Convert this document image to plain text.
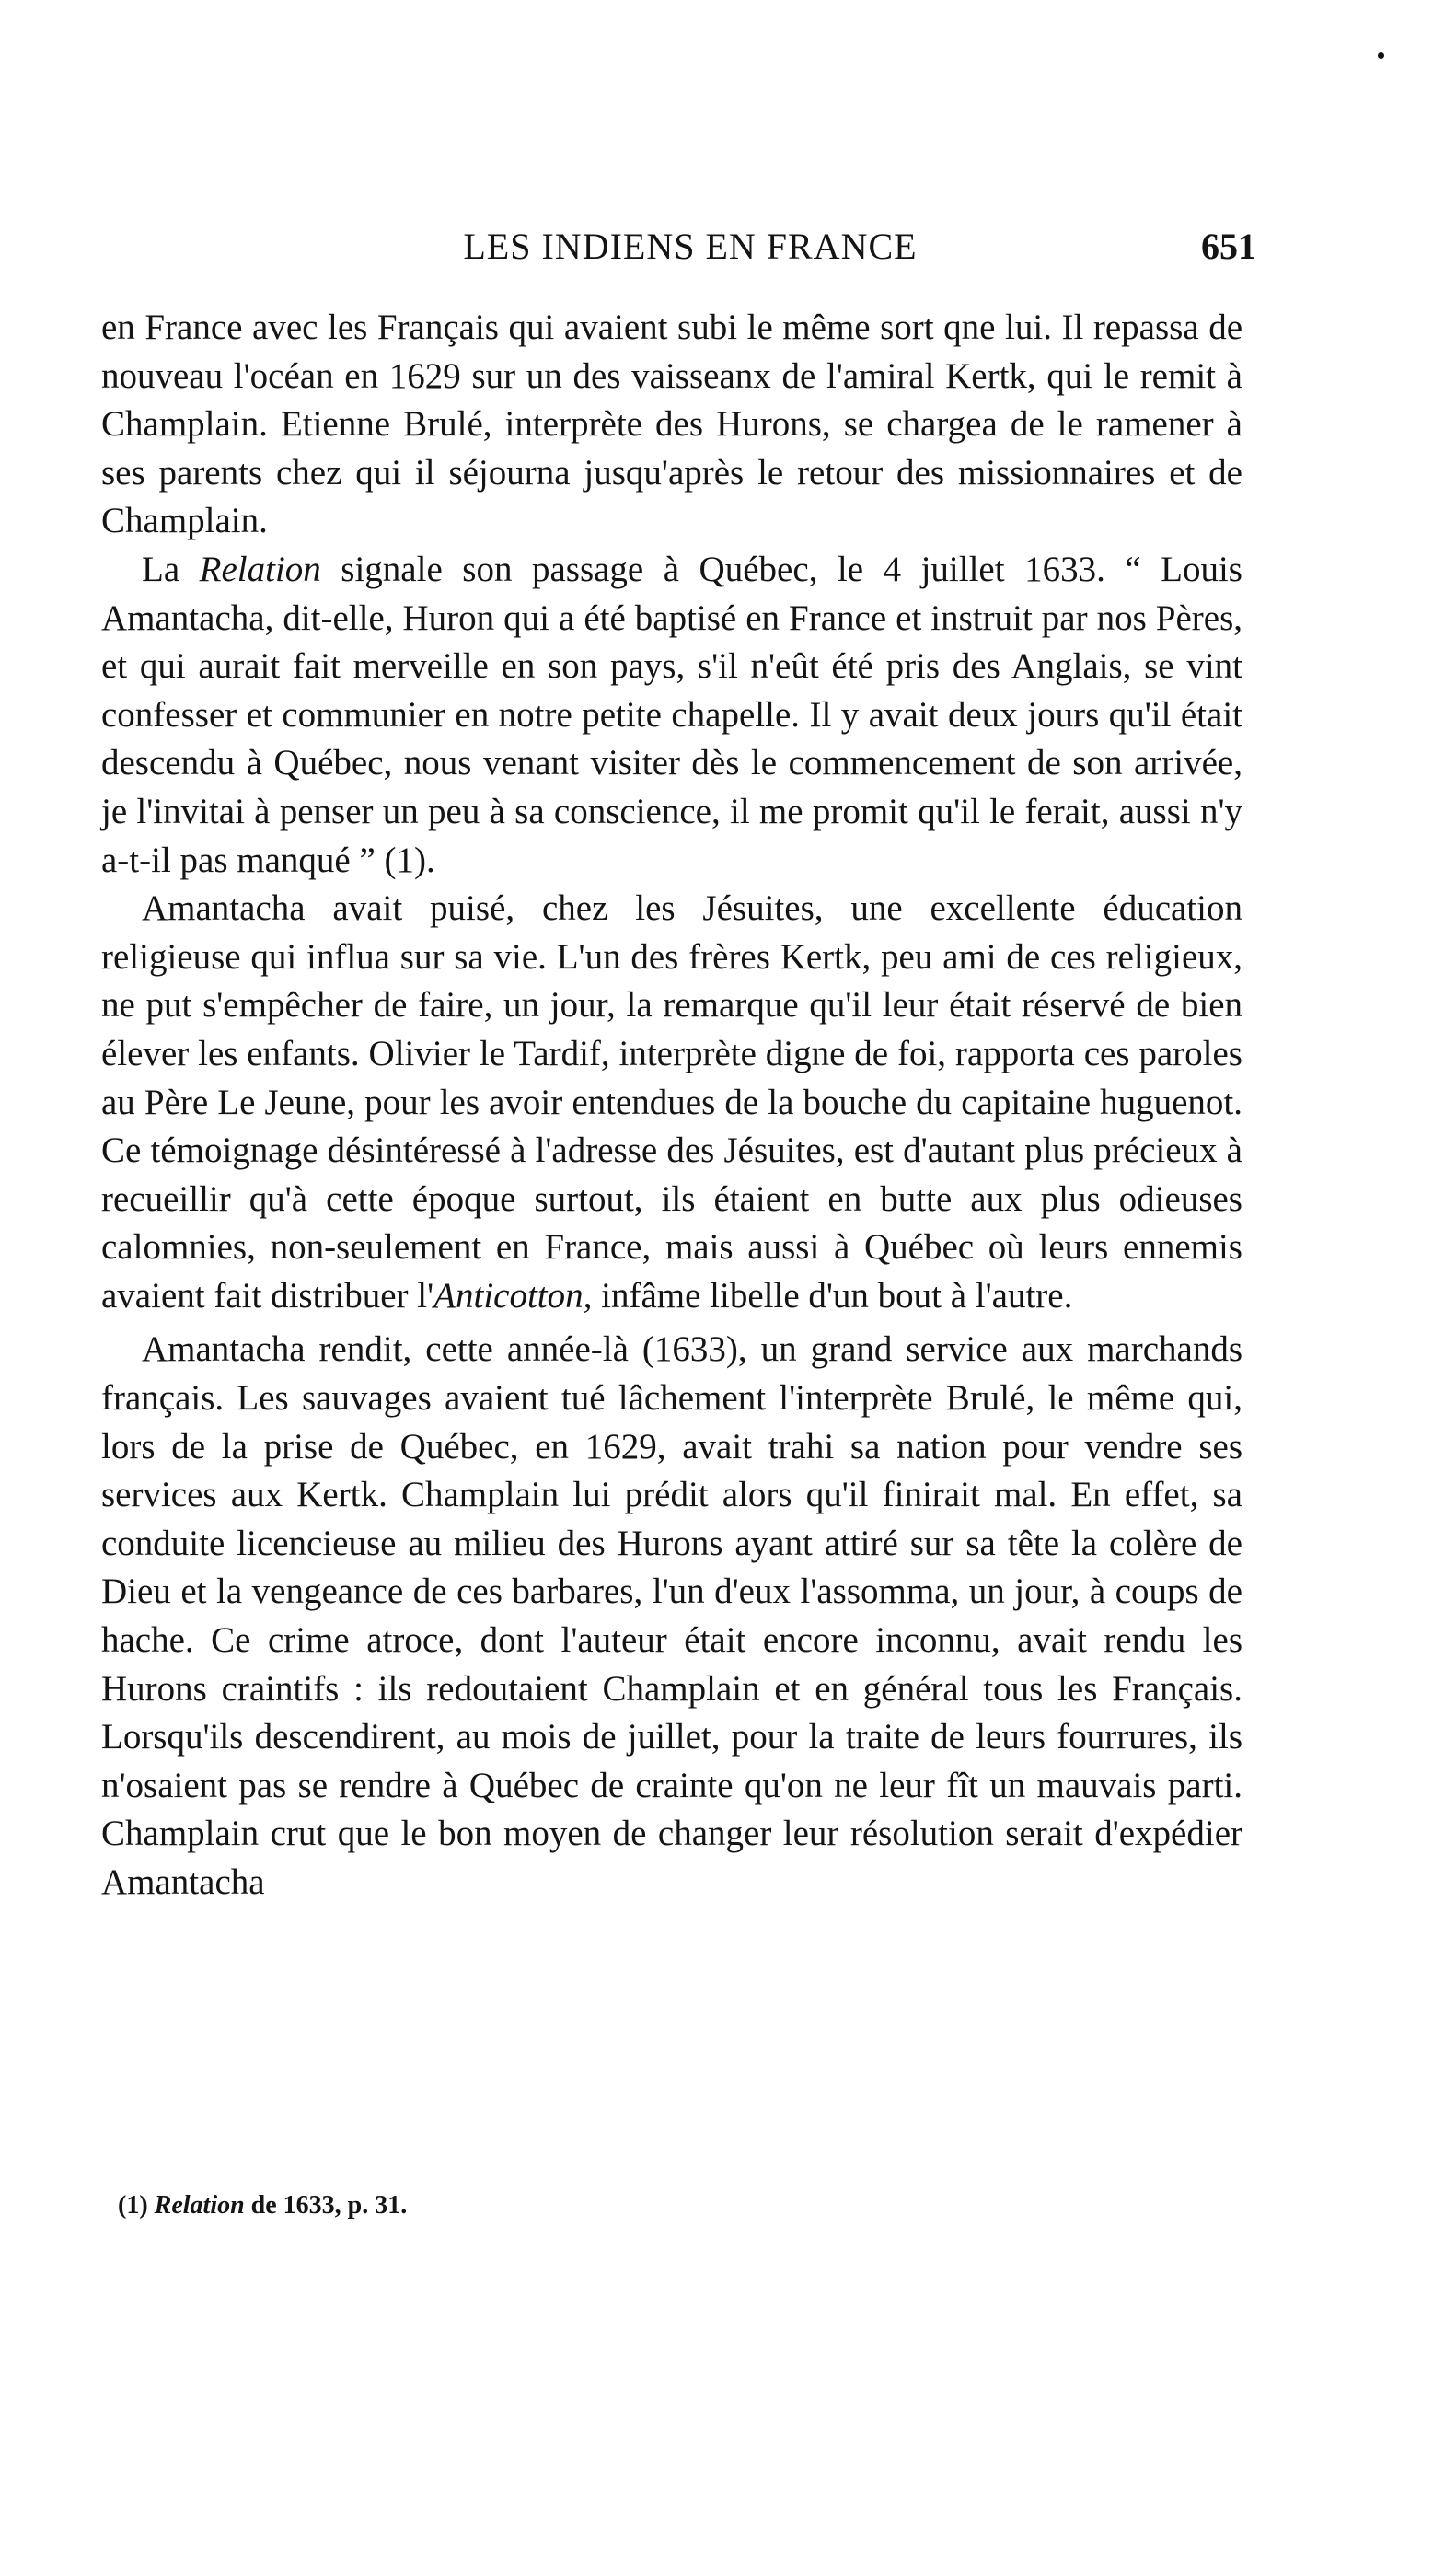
LES INDIENS EN FRANCE	651

en France avec les Français qui avaient subi le même sort qne lui. Il repassa de nouveau l'océan en 1629 sur un des vaisseanx de l'amiral Kertk, qui le remit à Champlain. Etienne Brulé, interprète des Hurons, se chargea de le ramener à ses parents chez qui il séjourna jusqu'après le retour des missionnaires et de Champlain.

La Relation signale son passage à Québec, le 4 juillet 1633. “ Louis Amantacha, dit-elle, Huron qui a été baptisé en France et instruit par nos Pères, et qui aurait fait merveille en son pays, s'il n'eût été pris des Anglais, se vint confesser et communier en notre petite chapelle. Il y avait deux jours qu'il était descendu à Québec, nous venant visiter dès le commencement de son arrivée, je l'invitai à penser un peu à sa conscience, il me promit qu'il le ferait, aussi n'y a-t-il pas manqué ” (1).

Amantacha avait puisé, chez les Jésuites, une excellente éducation religieuse qui influa sur sa vie. L'un des frères Kertk, peu ami de ces religieux, ne put s'empêcher de faire, un jour, la remarque qu'il leur était réservé de bien élever les enfants. Olivier le Tardif, interprète digne de foi, rapporta ces paroles au Père Le Jeune, pour les avoir entendues de la bouche du capitaine huguenot. Ce témoignage désintéressé à l'adresse des Jésuites, est d'autant plus précieux à recueillir qu'à cette époque surtout, ils étaient en butte aux plus odieuses calomnies, non-seulement en France, mais aussi à Québec où leurs ennemis avaient fait distribuer l'Anticotton, infâme libelle d'un bout à l'autre.

Amantacha rendit, cette année-là (1633), un grand service aux marchands français. Les sauvages avaient tué lâchement l'interprète Brulé, le même qui, lors de la prise de Québec, en 1629, avait trahi sa nation pour vendre ses services aux Kertk. Champlain lui prédit alors qu'il finirait mal. En effet, sa conduite licencieuse au milieu des Hurons ayant attiré sur sa tête la colère de Dieu et la vengeance de ces barbares, l'un d'eux l'assomma, un jour, à coups de hache. Ce crime atroce, dont l'auteur était encore inconnu, avait rendu les Hurons craintifs : ils redoutaient Champlain et en général tous les Français. Lorsqu'ils descendirent, au mois de juillet, pour la traite de leurs fourrures, ils n'osaient pas se rendre à Québec de crainte qu'on ne leur fît un mauvais parti. Champlain crut que le bon moyen de changer leur résolution serait d'expédier Amantacha

(1) Relation de 1633, p. 31.
